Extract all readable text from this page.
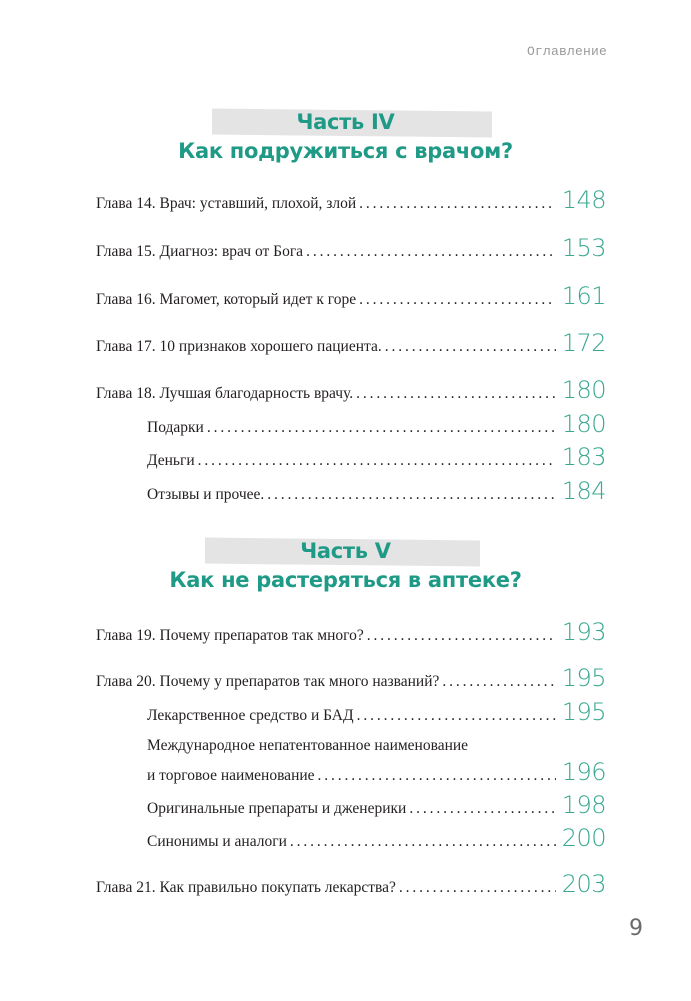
Оглавление
Часть IV
Как подружиться с врачом?
Глава 14. Врач: уставший, плохой, злой . . .	148
Глава 15. Диагноз: врач от Бога . . .	153
Глава 16. Магомет, который идет к горе . . .	161
Глава 17. 10 признаков хорошего пациента. . . .	172
Глава 18. Лучшая благодарность врачу. . . .	180
Подарки . . .	180
Деньги . . .	183
Отзывы и прочее. . . .	184
Часть V
Как не растеряться в аптеке?
Глава 19. Почему препаратов так много? . . .	193
Глава 20. Почему у препаратов так много названий? . . .	195
Лекарственное средство и БАД . . .	195
Международное непатентованное наименование
и торговое наименование . . .	196
Оригинальные препараты и дженерики . . .	198
Синонимы и аналоги . . .	200
Глава 21. Как правильно покупать лекарства? . . .	203
9
